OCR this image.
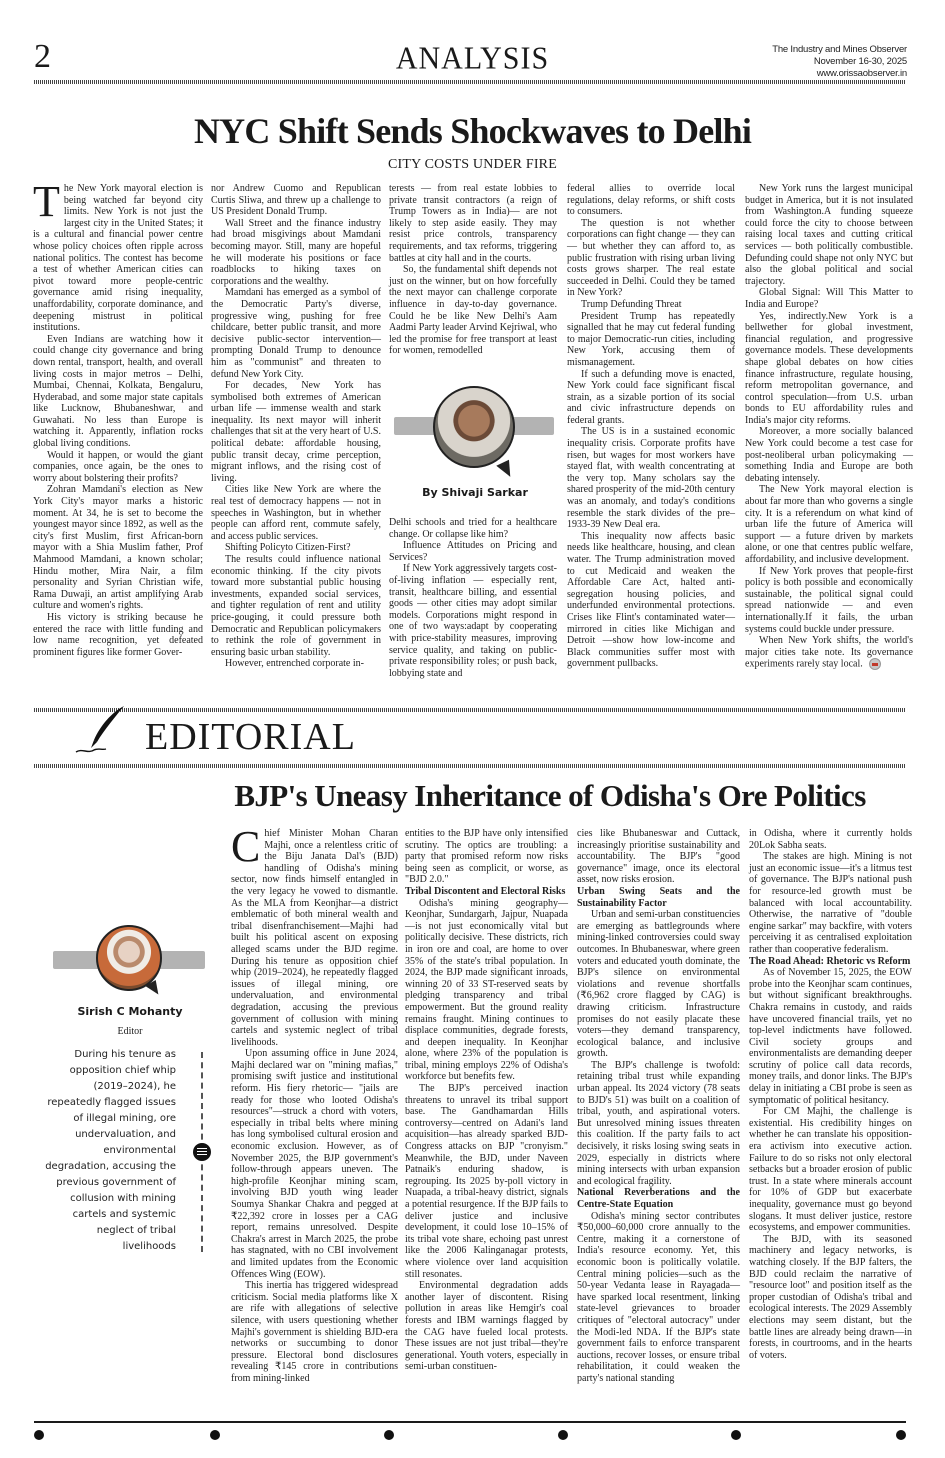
2	ANALYSIS	The Industry and Mines Observer
November 16-30, 2025
www.orissaobserver.in
NYC Shift Sends Shockwaves to Delhi
CITY COSTS UNDER FIRE
T he New York mayoral election is being watched far beyond city limits. New York is not just the largest city in the United States; it is a cultural and financial power centre whose policy choices often ripple across national politics. The contest has become a test of whether American cities can pivot toward more people-centric governance amid rising inequality, unaffordability, corporate dominance, and deepening mistrust in political institutions.

Even Indians are watching how it could change city governance and bring down rental, transport, health, and overall living costs in major metros – Delhi, Mumbai, Chennai, Kolkata, Bengaluru, Hyderabad, and some major state capitals like Lucknow, Bhubaneshwar, and Guwahati. No less than Europe is watching it. Apparently, inflation rocks global living conditions.

Would it happen, or would the giant companies, once again, be the ones to worry about bolstering their profits?

Zohran Mamdani's election as New York City's mayor marks a historic moment. At 34, he is set to become the youngest mayor since 1892, as well as the city's first Muslim, first African-born mayor with a Shia Muslim father, Prof Mahmood Mamdani, a known scholar; Hindu mother, Mira Nair, a film personality and Syrian Christian wife, Rama Duwaji, an artist amplifying Arab culture and women's rights.

His victory is striking because he entered the race with little funding and low name recognition, yet defeated prominent figures like former Gover-

nor Andrew Cuomo and Republican Curtis Sliwa, and threw up a challenge to US President Donald Trump.

Wall Street and the finance industry had broad misgivings about Mamdani becoming mayor. Still, many are hopeful he will moderate his positions or face roadblocks to hiking taxes on corporations and the wealthy.

Mamdani has emerged as a symbol of the Democratic Party's diverse, progressive wing, pushing for free childcare, better public transit, and more decisive public-sector intervention—prompting Donald Trump to denounce him as "communist" and threaten to defund New York City.

For decades, New York has symbolised both extremes of American urban life — immense wealth and stark inequality. Its next mayor will inherit challenges that sit at the very heart of U.S. political debate: affordable housing, public transit decay, crime perception, migrant inflows, and the rising cost of living.

Cities like New York are where the real test of democracy happens — not in speeches in Washington, but in whether people can afford rent, commute safely, and access public services.

Shifting Policyto Citizen-First?

The results could influence national economic thinking. If the city pivots toward more substantial public housing investments, expanded social services, and tighter regulation of rent and utility price-gouging, it could pressure both Democratic and Republican policymakers to rethink the role of government in ensuring basic urban stability.

However, entrenched corporate in-

terests — from real estate lobbies to private transit contractors (a reign of Trump Towers as in India)— are not likely to step aside easily. They may resist price controls, transparency requirements, and tax reforms, triggering battles at city hall and in the courts.

So, the fundamental shift depends not just on the winner, but on how forcefully the next mayor can challenge corporate influence in day-to-day governance. Could he be like New Delhi's Aam Aadmi Party leader Arvind Kejriwal, who led the promise for free transport at least for women, remodelled

By Shivaji Sarkar

Delhi schools and tried for a healthcare change. Or collapse like him?

Influence Attitudes on Pricing and Services?

If New York aggressively targets cost-of-living inflation — especially rent, transit, healthcare billing, and essential goods — other cities may adopt similar models. Corporations might respond in one of two ways:adapt by cooperating with price-stability measures, improving service quality, and taking on public-private responsibility roles; or push back, lobbying state and

federal allies to override local regulations, delay reforms, or shift costs to consumers.

The question is not whether corporations can fight change — they can — but whether they can afford to, as public frustration with rising urban living costs grows sharper. The real estate succeeded in Delhi. Could they be tamed in New York?

Trump Defunding Threat

President Trump has repeatedly signalled that he may cut federal funding to major Democratic-run cities, including New York, accusing them of mismanagement.

If such a defunding move is enacted, New York could face significant fiscal strain, as a sizable portion of its social and civic infrastructure depends on federal grants.

The US is in a sustained economic inequality crisis. Corporate profits have risen, but wages for most workers have stayed flat, with wealth concentrating at the very top. Many scholars say the shared prosperity of the mid-20th century was an anomaly, and today's conditions resemble the stark divides of the pre–1933-39 New Deal era.

This inequality now affects basic needs like healthcare, housing, and clean water. The Trump administration moved to cut Medicaid and weaken the Affordable Care Act, halted anti-segregation housing policies, and underfunded environmental protections. Crises like Flint's contaminated water—mirrored in cities like Michigan and Detroit —show how low-income and Black communities suffer most with government pullbacks.

New York runs the largest municipal budget in America, but it is not insulated from Washington.A funding squeeze could force the city to choose between raising local taxes and cutting critical services — both politically combustible. Defunding could shape not only NYC but also the global political and social trajectory.

Global Signal: Will This Matter to India and Europe?

Yes, indirectly.New York is a bellwether for global investment, financial regulation, and progressive governance models. These developments shape global debates on how cities finance infrastructure, regulate housing, reform metropolitan governance, and control speculation—from U.S. urban bonds to EU affordability rules and India's major city reforms.

Moreover, a more socially balanced New York could become a test case for post-neoliberal urban policymaking — something India and Europe are both debating intensely.

The New York mayoral election is about far more than who governs a single city. It is a referendum on what kind of urban life the future of America will support — a future driven by markets alone, or one that centres public welfare, affordability, and inclusive development.

If New York proves that people-first policy is both possible and economically sustainable, the political signal could spread nationwide — and even internationally.If it fails, the urban systems could buckle under pressure.

When New York shifts, the world's major cities take note. Its governance experiments rarely stay local.

EDITORIAL
BJP's Uneasy Inheritance of Odisha's Ore Politics
Sirish C Mohanty
Editor
During his tenure as opposition chief whip (2019–2024), he repeatedly flagged issues of illegal mining, ore undervaluation, and environmental degradation, accusing the previous government of collusion with mining cartels and systemic neglect of tribal livelihoods
C hief Minister Mohan Charan Majhi, once a relentless critic of the Biju Janata Dal's (BJD) handling of Odisha's mining sector, now finds himself entangled in the very legacy he vowed to dismantle. As the MLA from Keonjhar—a district emblematic of both mineral wealth and tribal disenfranchisement—Majhi had built his political ascent on exposing alleged scams under the BJD regime. During his tenure as opposition chief whip (2019–2024), he repeatedly flagged issues of illegal mining, ore undervaluation, and environmental degradation, accusing the previous government of collusion with mining cartels and systemic neglect of tribal livelihoods.

Upon assuming office in June 2024, Majhi declared war on "mining mafias," promising swift justice and institutional reform. His fiery rhetoric— "jails are ready for those who looted Odisha's resources"—struck a chord with voters, especially in tribal belts where mining has long symbolised cultural erosion and economic exclusion. However, as of November 2025, the BJP government's follow-through appears uneven. The high-profile Keonjhar mining scam, involving BJD youth wing leader Soumya Shankar Chakra and pegged at ₹22,392 crore in losses per a CAG report, remains unresolved. Despite Chakra's arrest in March 2025, the probe has stagnated, with no CBI involvement and limited updates from the Economic Offences Wing (EOW).

This inertia has triggered widespread criticism. Social media platforms like X are rife with allegations of selective silence, with users questioning whether Majhi's government is shielding BJD-era networks or succumbing to donor pressure. Electoral bond disclosures revealing ₹145 crore in contributions from mining-linked

entities to the BJP have only intensified scrutiny. The optics are troubling: a party that promised reform now risks being seen as complicit, or worse, as "BJD 2.0."

Tribal Discontent and Electoral Risks

Odisha's mining geography—Keonjhar, Sundargarh, Jajpur, Nuapada—is not just economically vital but politically decisive. These districts, rich in iron ore and coal, are home to over 35% of the state's tribal population. In 2024, the BJP made significant inroads, winning 20 of 33 ST-reserved seats by pledging transparency and tribal empowerment. But the ground reality remains fraught. Mining continues to displace communities, degrade forests, and deepen inequality. In Keonjhar alone, where 23% of the population is tribal, mining employs 22% of Odisha's workforce but benefits few.

The BJP's perceived inaction threatens to unravel its tribal support base. The Gandhamardan Hills controversy—centred on Adani's land acquisition—has already sparked BJD-Congress attacks on BJP "cronyism." Meanwhile, the BJD, under Naveen Patnaik's enduring shadow, is regrouping. Its 2025 by-poll victory in Nuapada, a tribal-heavy district, signals a potential resurgence. If the BJP fails to deliver justice and inclusive development, it could lose 10–15% of its tribal vote share, echoing past unrest like the 2006 Kalinganagar protests, where violence over land acquisition still resonates.

Environmental degradation adds another layer of discontent. Rising pollution in areas like Hemgir's coal forests and IBM warnings flagged by the CAG have fueled local protests. These issues are not just tribal—they're generational. Youth voters, especially in semi-urban constituen-

cies like Bhubaneswar and Cuttack, increasingly prioritise sustainability and accountability. The BJP's "good governance" image, once its electoral asset, now risks erosion.

Urban Swing Seats and the Sustainability Factor

Urban and semi-urban constituencies are emerging as battlegrounds where mining-linked controversies could sway outcomes. In Bhubaneswar, where green voters and educated youth dominate, the BJP's silence on environmental violations and revenue shortfalls (₹6,962 crore flagged by CAG) is drawing criticism. Infrastructure promises do not easily placate these voters—they demand transparency, ecological balance, and inclusive growth.

The BJP's challenge is twofold: retaining tribal trust while expanding urban appeal. Its 2024 victory (78 seats to BJD's 51) was built on a coalition of tribal, youth, and aspirational voters. But unresolved mining issues threaten this coalition. If the party fails to act decisively, it risks losing swing seats in 2029, especially in districts where mining intersects with urban expansion and ecological fragility.

National Reverberations and the Centre-State Equation

Odisha's mining sector contributes ₹50,000–60,000 crore annually to the Centre, making it a cornerstone of India's resource economy. Yet, this economic boon is politically volatile. Central mining policies—such as the 50-year Vedanta lease in Rayagada—have sparked local resentment, linking state-level grievances to broader critiques of "electoral autocracy" under the Modi-led NDA. If the BJP's state government fails to enforce transparent auctions, recover losses, or ensure tribal rehabilitation, it could weaken the party's national standing

in Odisha, where it currently holds 20Lok Sabha seats.

The stakes are high. Mining is not just an economic issue—it's a litmus test of governance. The BJP's national push for resource-led growth must be balanced with local accountability. Otherwise, the narrative of "double engine sarkar" may backfire, with voters perceiving it as centralised exploitation rather than cooperative federalism.

The Road Ahead: Rhetoric vs Reform

As of November 15, 2025, the EOW probe into the Keonjhar scam continues, but without significant breakthroughs. Chakra remains in custody, and raids have uncovered financial trails, yet no top-level indictments have followed. Civil society groups and environmentalists are demanding deeper scrutiny of police call data records, money trails, and donor links. The BJP's delay in initiating a CBI probe is seen as symptomatic of political hesitancy.

For CM Majhi, the challenge is existential. His credibility hinges on whether he can translate his opposition-era activism into executive action. Failure to do so risks not only electoral setbacks but a broader erosion of public trust. In a state where minerals account for 10% of GDP but exacerbate inequality, governance must go beyond slogans. It must deliver justice, restore ecosystems, and empower communities.

The BJD, with its seasoned machinery and legacy networks, is watching closely. If the BJP falters, the BJD could reclaim the narrative of "resource loot" and position itself as the proper custodian of Odisha's tribal and ecological interests. The 2029 Assembly elections may seem distant, but the battle lines are already being drawn—in forests, in courtrooms, and in the hearts of voters.
